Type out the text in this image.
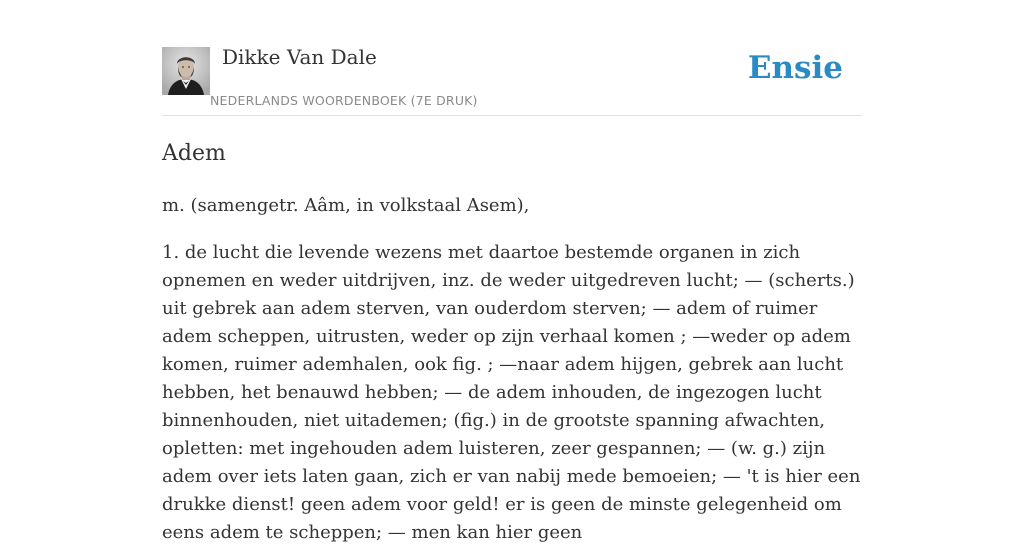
Dikke Van Dale
NEDERLANDS WOORDENBOEK (7E DRUK)
Ensie
Adem

m. (samengetr. Aâm, in volkstaal Asem),

1. de lucht die levende wezens met daartoe bestemde organen in zich opnemen en weder uitdrijven, inz. de weder uitgedreven lucht; — (scherts.) uit gebrek aan adem sterven, van ouderdom sterven; — adem of ruimer adem scheppen, uitrusten, weder op zijn verhaal komen ; —weder op adem komen, ruimer ademhalen, ook fig. ; —naar adem hijgen, gebrek aan lucht hebben, het benauwd hebben; — de adem inhouden, de ingezogen lucht binnenhouden, niet uitademen; (fig.) in de grootste spanning afwachten, opletten: met ingehouden adem luisteren, zeer gespannen; — (w. g.) zijn adem over iets laten gaan, zich er van nabij mede bemoeien; — 't is hier een drukke dienst! geen adem voor geld! er is geen de minste gelegenheid om eens adem te scheppen; — men kan hier geen
